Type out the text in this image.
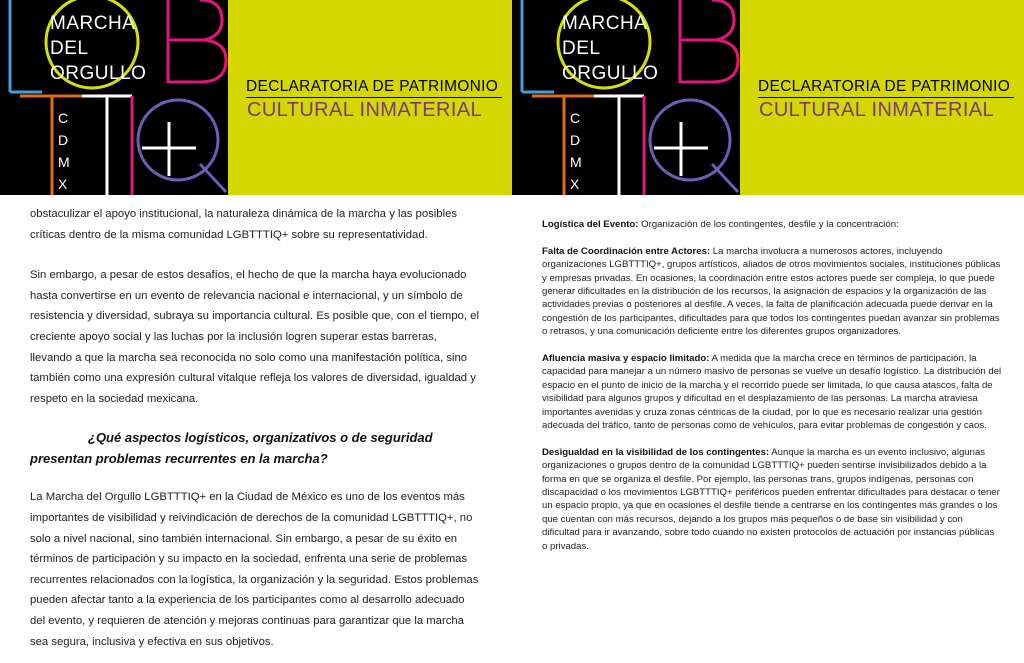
MARCHA
DEL
ORGULLO
C
D
M
X
DECLARATORIA DE PATRIMONIO
CULTURAL INMATERIAL

obstaculizar el apoyo institucional, la naturaleza dinámica de la marcha y las posibles críticas dentro de la misma comunidad LGBTTTIQ+ sobre su representatividad.

Sin embargo, a pesar de estos desafíos, el hecho de que la marcha haya evolucionado hasta convertirse en un evento de relevancia nacional e internacional, y un símbolo de resistencia y diversidad, subraya su importancia cultural. Es posible que, con el tiempo, el creciente apoyo social y las luchas por la inclusión logren superar estas barreras, llevando a que la marcha sea reconocida no solo como una manifestación política, sino también como una expresión cultural vitalque refleja los valores de diversidad, igualdad y respeto en la sociedad mexicana.

¿Qué aspectos logísticos, organizativos o de seguridad presentan problemas recurrentes en la marcha?

La Marcha del Orgullo LGBTTTIQ+ en la Ciudad de México es uno de los eventos más importantes de visibilidad y reivindicación de derechos de la comunidad LGBTTTIQ+, no solo a nivel nacional, sino también internacional. Sin embargo, a pesar de su éxito en términos de participación y su impacto en la sociedad, enfrenta una serie de problemas recurrentes relacionados con la logística, la organización y la seguridad. Estos problemas pueden afectar tanto a la experiencia de los participantes como al desarrollo adecuado del evento, y requieren de atención y mejoras continuas para garantizar que la marcha sea segura, inclusiva y efectiva en sus objetivos.

MARCHA
DEL
ORGULLO
C
D
M
X
DECLARATORIA DE PATRIMONIO
CULTURAL INMATERIAL

Logística del Evento: Organización de los contingentes, desfile y la concentración:

Falta de Coordinación entre Actores: La marcha involucra a numerosos actores, incluyendo organizaciones LGBTTTIQ+, grupos artísticos, aliados de otros movimientos sociales, instituciones públicas y empresas privadas. En ocasiones, la coordinación entre estos actores puede ser compleja, lo que puede generar dificultades en la distribución de los recursos, la asignación de espacios y la organización de las actividades previas o posteriores al desfile. A veces, la falta de planificación adecuada puede derivar en la congestión de los participantes, dificultades para que todos los contingentes puedan avanzar sin problemas o retrasos, y una comunicación deficiente entre los diferentes grupos organizadores.

Afluencia masiva y espacio limitado: A medida que la marcha crece en términos de participación, la capacidad para manejar a un número masivo de personas se vuelve un desafío logístico. La distribución del espacio en el punto de inicio de la marcha y el recorrido puede ser limitada, lo que causa atascos, falta de visibilidad para algunos grupos y dificultad en el desplazamiento de las personas. La marcha atraviesa importantes avenidas y cruza zonas céntricas de la ciudad, por lo que es necesario realizar una gestión adecuada del tráfico, tanto de personas como de vehículos, para evitar problemas de congestión y caos.

Desigualdad en la visibilidad de los contingentes: Aunque la marcha es un evento inclusivo, algunas organizaciones o grupos dentro de la comunidad LGBTTTIQ+ pueden sentirse invisibilizados debido a la forma en que se organiza el desfile. Por ejemplo, las personas trans, grupos indígenas, personas con discapacidad o los movimientos LGBTTTIQ+ periféricos pueden enfrentar dificultades para destacar o tener un espacio propio, ya que en ocasiones el desfile tiende a centrarse en los contingentes más grandes o los que cuentan con más recursos, dejando a los grupos más pequeños o de base sin visibilidad y con dificultad para ir avanzando, sobre todo cuando no existen protocolos de actuación por instancias públicas o privadas.
